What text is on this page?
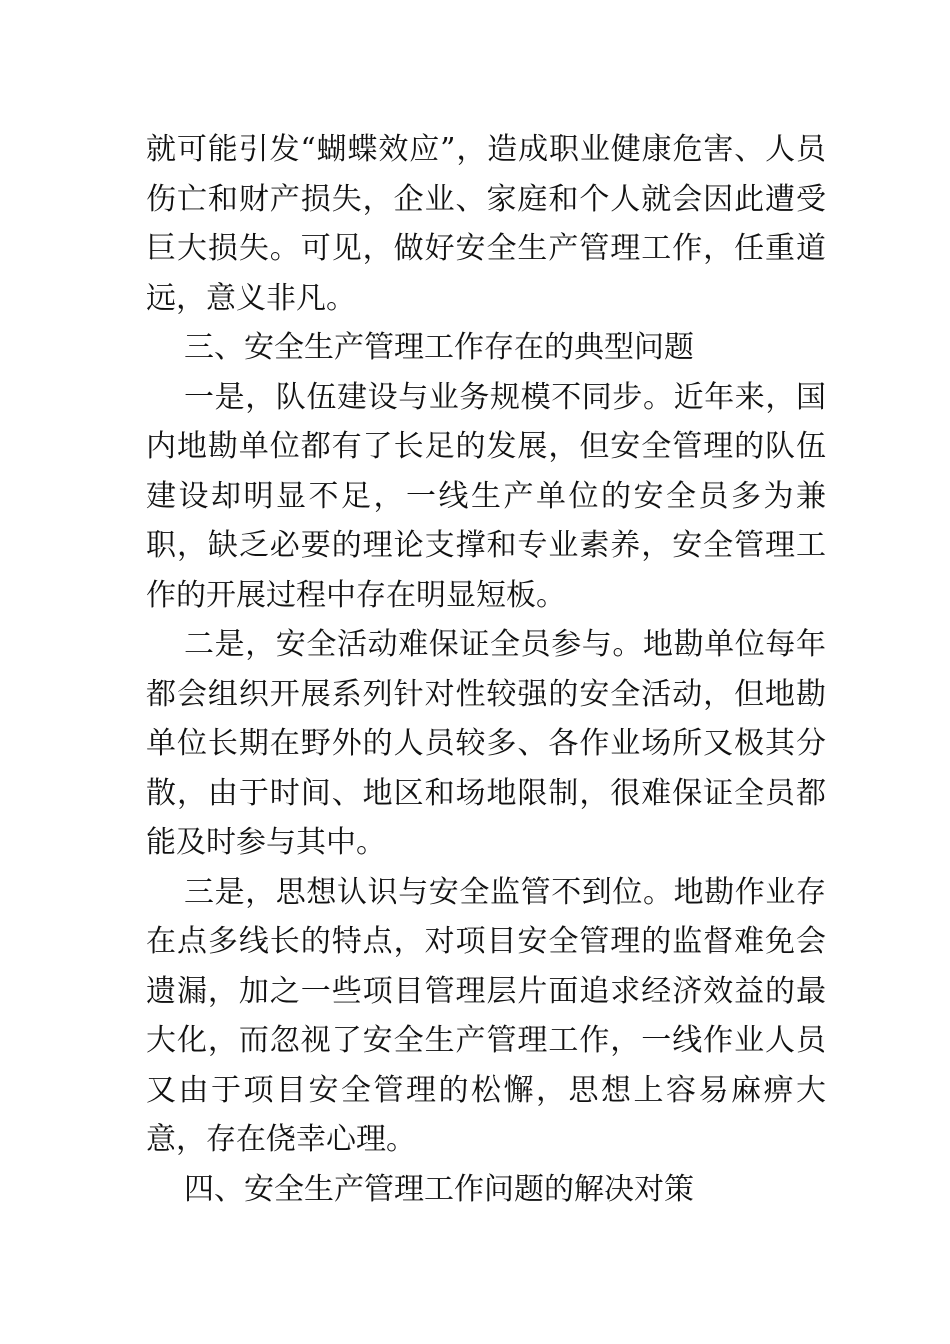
就可能引发“蝴蝶效应”，造成职业健康危害、人员伤亡和财产损失，企业、家庭和个人就会因此遭受巨大损失。可见，做好安全生产管理工作，任重道远，意义非凡。

三、安全生产管理工作存在的典型问题

一是，队伍建设与业务规模不同步。近年来，国内地勘单位都有了长足的发展，但安全管理的队伍建设却明显不足，一线生产单位的安全员多为兼职，缺乏必要的理论支撑和专业素养，安全管理工作的开展过程中存在明显短板。

二是，安全活动难保证全员参与。地勘单位每年都会组织开展系列针对性较强的安全活动，但地勘单位长期在野外的人员较多、各作业场所又极其分散，由于时间、地区和场地限制，很难保证全员都能及时参与其中。

三是，思想认识与安全监管不到位。地勘作业存在点多线长的特点，对项目安全管理的监督难免会遗漏，加之一些项目管理层片面追求经济效益的最大化，而忽视了安全生产管理工作，一线作业人员又由于项目安全管理的松懈，思想上容易麻痹大意，存在侥幸心理。

四、安全生产管理工作问题的解决对策
